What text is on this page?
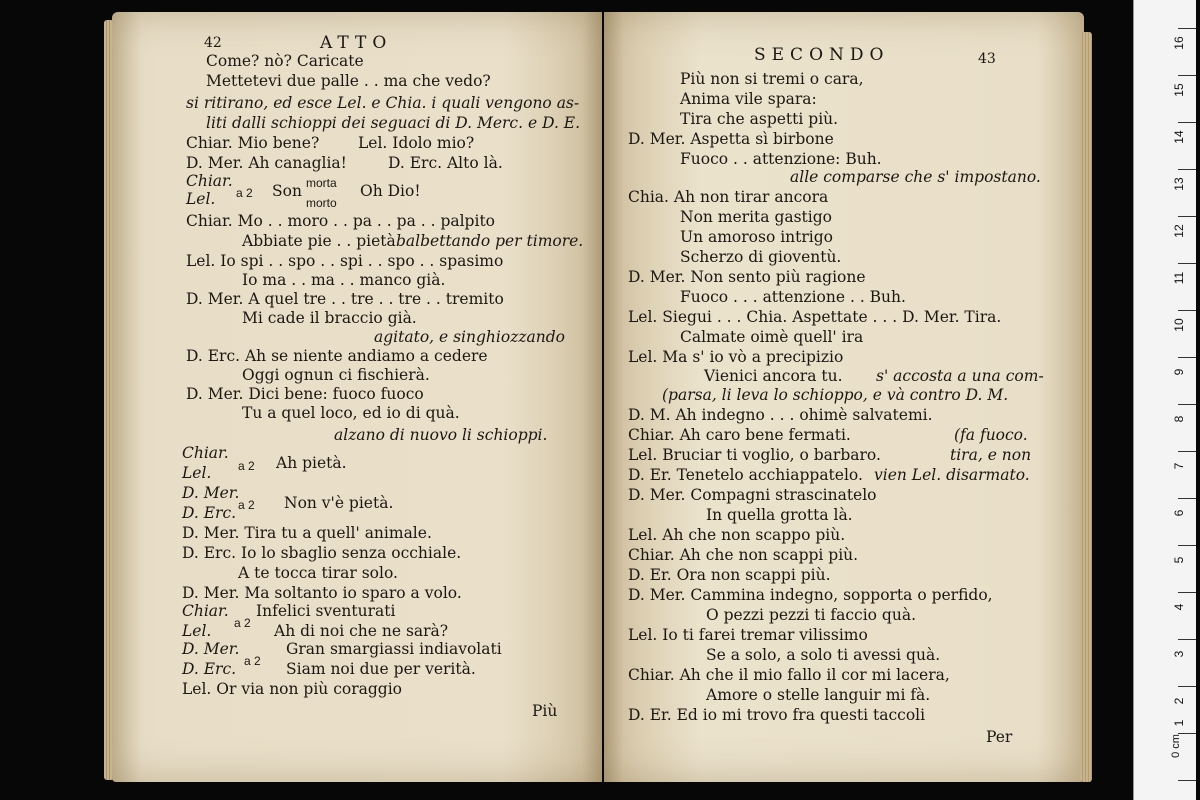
42	ATTO
Come? nò? Caricate
Mettetevi due palle . . ma che vedo?
si ritirano, ed esce Lel. e Chia. i quali vengono as-
liti dalli schioppi dei seguaci di D. Merc. e D. E.
Chiar. Mio bene?	Lel. Idolo mio?
D. Mer. Ah canaglia!	D. Erc. Alto là.
Chiar.
Lel. a 2 Son morta
morto
Oh Dio!
Chiar. Mo . . moro . . pa . . pa . . palpito
Abbiate pie . . pietà balbettando per timore.
Lel. Io spi . . spo . . spi . . spo . . spasimo
Io ma . . ma . . manco già.
D. Mer. A quel tre . . tre . . tre . . tremito
Mi cade il braccio già.
agitato, e singhiozzando
D. Erc. Ah se niente andiamo a cedere
Oggi ognun ci fischierà.
D. Mer. Dici bene: fuoco fuoco
Tu a quel loco, ed io di quà.
alzano di nuovo li schioppi.
Chiar.
Lel. a 2 Ah pietà.
D. Mer.
D. Erc. a 2 Non v'è pietà.
D. Mer. Tira tu a quell' animale.
D. Erc. Io lo sbaglio senza occhiale.
A te tocca tirar solo.
D. Mer. Ma soltanto io sparo a volo.
Chiar. Infelici sventurati
a 2
Lel.	Ah di noi che ne sarà?
D. Mer.	Gran smargiassi indiavolati
a 2
D. Erc.	Siam noi due per verità.
Lel. Or via non più coraggio
Più
SECONDO	43
Più non si tremi o cara,
Anima vile spara:
Tira che aspetti più.
D. Mer. Aspetta sì birbone
Fuoco . . attenzione: Buh.
alle comparse che s' impostano.
Chia. Ah non tirar ancora
Non merita gastigo
Un amoroso intrigo
Scherzo di gioventù.
D. Mer. Non sento più ragione
Fuoco . . . attenzione . . Buh.
Lel. Siegui . . . Chia. Aspettate . . . D. Mer. Tira.
Calmate oimè quell' ira
Lel. Ma s' io vò a precipizio
Vienici ancora tu. s' accosta a una com-
(parsa, li leva lo schioppo, e và contro D. M.
D. M. Ah indegno . . . ohimè salvatemi.
Chiar. Ah caro bene fermati.	(fa fuoco.
Lel. Bruciar ti voglio, o barbaro.	tira, e non
D. Er. Tenetelo acchiappatelo. vien Lel. disarmato.
D. Mer. Compagni strascinatelo
In quella grotta là.
Lel. Ah che non scappo più.
Chiar. Ah che non scappi più.
D. Er. Ora non scappi più.
D. Mer. Cammina indegno, sopporta o perfido,
O pezzi pezzi ti faccio quà.
Lel. Io ti farei tremar vilissimo
Se a solo, a solo ti avessi quà.
Chiar. Ah che il mio fallo il cor mi lacera,
Amore o stelle languir mi fà.
D. Er. Ed io mi trovo fra questi taccoli
Per
16
15
14
13
12
11
10
9
8
7
6
5
4
3
2
1
0 cm
